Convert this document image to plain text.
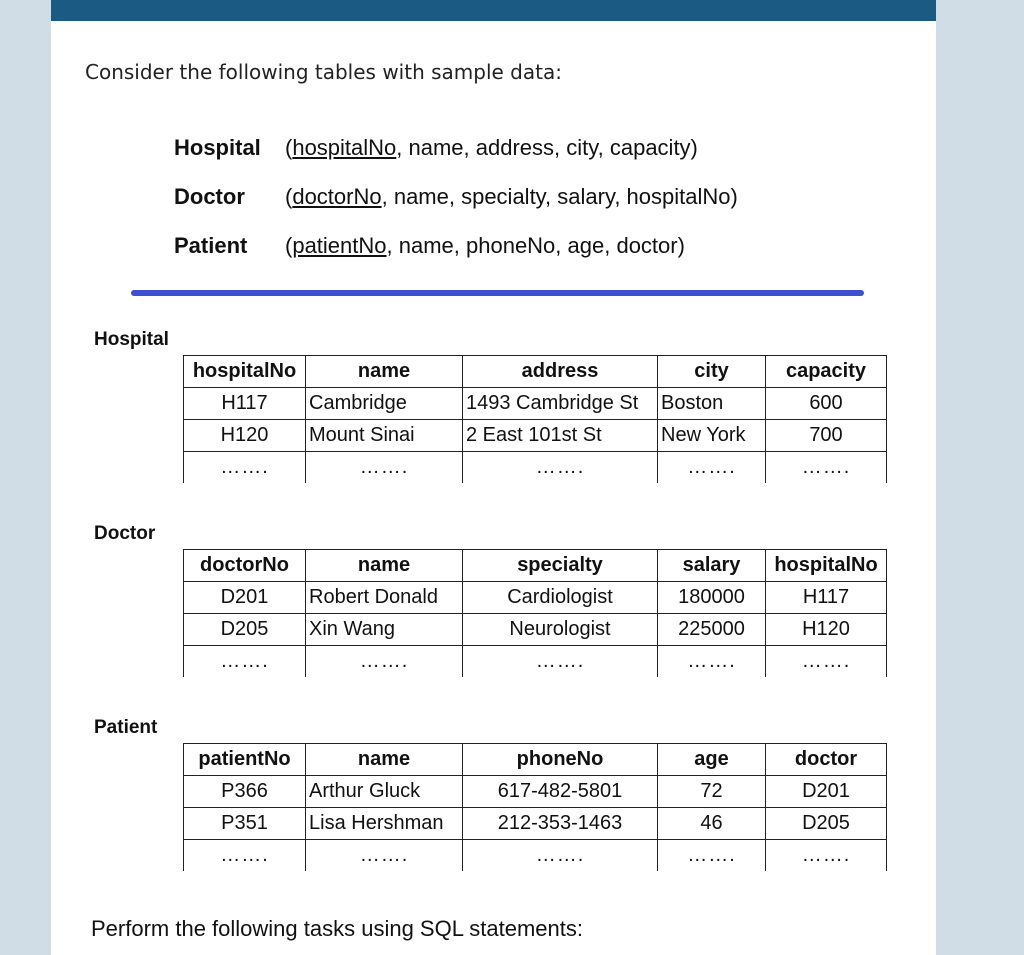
Consider the following tables with sample data:
Hospital (hospitalNo, name, address, city, capacity)
Doctor (doctorNo, name, specialty, salary, hospitalNo)
Patient (patientNo, name, phoneNo, age, doctor)
Hospital
hospitalNo	name	address	city	capacity
H117	Cambridge	1493 Cambridge St	Boston	600
H120	Mount Sinai	2 East 101st St	New York	700
…….	…….	…….	…….	…….
Doctor
doctorNo	name	specialty	salary	hospitalNo
D201	Robert Donald	Cardiologist	180000	H117
D205	Xin Wang	Neurologist	225000	H120
…….	…….	…….	…….	…….
Patient
patientNo	name	phoneNo	age	doctor
P366	Arthur Gluck	617-482-5801	72	D201
P351	Lisa Hershman	212-353-1463	46	D205
…….	…….	…….	…….	…….
Perform the following tasks using SQL statements:
